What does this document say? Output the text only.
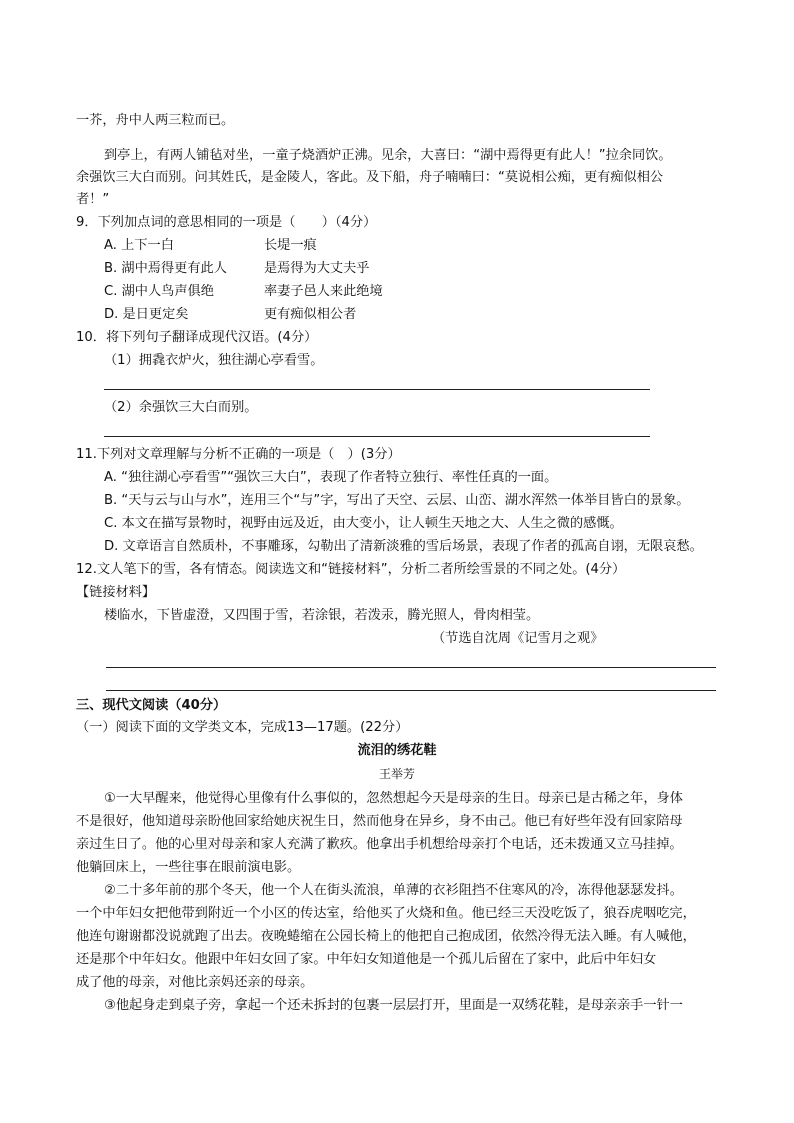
一芥，舟中人两三粒而已。
到亭上，有两人铺毡对坐，一童子烧酒炉正沸。见余，大喜曰：“湖中焉得更有此人！”拉余同饮。
余强饮三大白而别。问其姓氏，是金陵人，客此。及下船，舟子喃喃曰：“莫说相公痴，更有痴似相公
者！”
9．下列加点词的意思相同的一项是（　　）（4分）
A. 上下一白	长堤一痕
B. 湖中焉得更有此人	是焉得为大丈夫乎
C. 湖中人鸟声俱绝	率妻子邑人来此绝境
D. 是日更定矣	更有痴似相公者
10．将下列句子翻译成现代汉语。(4分）
（1）拥毳衣炉火，独往湖心亭看雪。
（2）余强饮三大白而别。
11.下列对文章理解与分析不正确的一项是（　）(3分）
A. “独往湖心亭看雪”“强饮三大白”，表现了作者特立独行、率性任真的一面。
B. “天与云与山与水”，连用三个“与”字，写出了天空、云层、山峦、湖水浑然一体举目皆白的景象。
C. 本文在描写景物时，视野由远及近，由大变小，让人顿生天地之大、人生之微的感慨。
D. 文章语言自然质朴，不事雕琢，勾勒出了清新淡雅的雪后场景，表现了作者的孤高自诩，无限哀愁。
12.文人笔下的雪，各有情态。阅读选文和“链接材料”，分析二者所绘雪景的不同之处。(4分）
【链接材料】
楼临水，下皆虚澄，又四围于雪，若涂银，若泼汞，腾光照人，骨肉相莹。
（节选自沈周《记雪月之观》
三、现代文阅读（40分）
（一）阅读下面的文学类文本，完成13—17题。(22分）
流泪的绣花鞋
王举芳
①一大早醒来，他觉得心里像有什么事似的，忽然想起今天是母亲的生日。母亲已是古稀之年，身体
不是很好，他知道母亲盼他回家给她庆祝生日，然而他身在异乡，身不由己。他已有好些年没有回家陪母
亲过生日了。他的心里对母亲和家人充满了歉疚。他拿出手机想给母亲打个电话，还未拨通又立马挂掉。
他躺回床上，一些往事在眼前演电影。
②二十多年前的那个冬天，他一个人在街头流浪，单薄的衣衫阻挡不住寒风的冷，冻得他瑟瑟发抖。
一个中年妇女把他带到附近一个小区的传达室，给他买了火烧和鱼。他已经三天没吃饭了，狼吞虎咽吃完，
他连句谢谢都没说就跑了出去。夜晚蜷缩在公园长椅上的他把自己抱成团，依然冷得无法入睡。有人喊他，
还是那个中年妇女。他跟中年妇女回了家。中年妇女知道他是一个孤儿后留在了家中，此后中年妇女
成了他的母亲，对他比亲妈还亲的母亲。
③他起身走到桌子旁，拿起一个还未拆封的包裹一层层打开，里面是一双绣花鞋，是母亲亲手一针一
